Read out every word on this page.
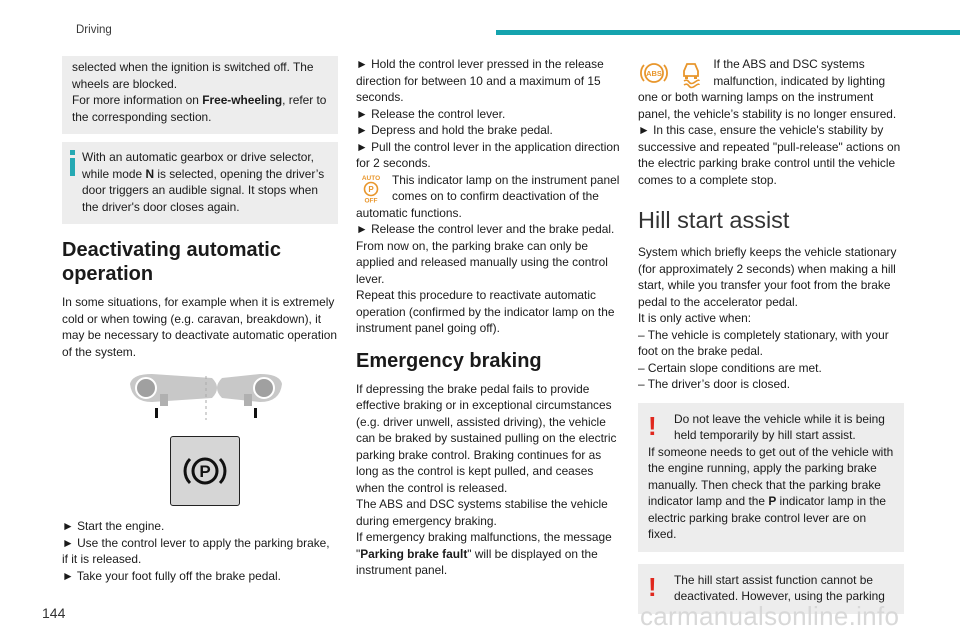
Driving

selected when the ignition is switched off. The wheels are blocked.

For more information on Free-wheeling, refer to the corresponding section.

With an automatic gearbox or drive selector, while mode N is selected, opening the driver’s door triggers an audible signal. It stops when the driver's door closes again.

Deactivating automatic operation

In some situations, for example when it is extremely cold or when towing (e.g. caravan, breakdown), it may be necessary to deactivate automatic operation of the system.

P

► Start the engine.

► Use the control lever to apply the parking brake, if it is released.

► Take your foot fully off the brake pedal.

► Hold the control lever pressed in the release direction for between 10 and a maximum of 15 seconds.

► Release the control lever.

► Depress and hold the brake pedal.

► Pull the control lever in the application direction for 2 seconds.

AUTO
P
OFF

This indicator lamp on the instrument panel comes on to confirm deactivation of the automatic functions.

► Release the control lever and the brake pedal.

From now on, the parking brake can only be applied and released manually using the control lever.

Repeat this procedure to reactivate automatic operation (confirmed by the indicator lamp on the instrument panel going off).

Emergency braking

If depressing the brake pedal fails to provide effective braking or in exceptional circumstances (e.g. driver unwell, assisted driving), the vehicle can be braked by sustained pulling on the electric parking brake control. Braking continues for as long as the control is kept pulled, and ceases when the control is released.

The ABS and DSC systems stabilise the vehicle during emergency braking.

If emergency braking malfunctions, the message "Parking brake fault" will be displayed on the instrument panel.

ABS

If the ABS and DSC systems malfunction, indicated by lighting one or both warning lamps on the instrument panel, the vehicle’s stability is no longer ensured.

► In this case, ensure the vehicle's stability by successive and repeated "pull-release" actions on the electric parking brake control until the vehicle comes to a complete stop.

Hill start assist

System which briefly keeps the vehicle stationary (for approximately 2 seconds) when making a hill start, while you transfer your foot from the brake pedal to the accelerator pedal.

It is only active when:

– The vehicle is completely stationary, with your foot on the brake pedal.

– Certain slope conditions are met.

– The driver’s door is closed.

!	Do not leave the vehicle while it is being held temporarily by hill start assist.

If someone needs to get out of the vehicle with the engine running, apply the parking brake manually. Then check that the parking brake indicator lamp and the P indicator lamp in the electric parking brake control lever are on fixed.

!	The hill start assist function cannot be deactivated. However, using the parking

144	carmanualsonline.info
